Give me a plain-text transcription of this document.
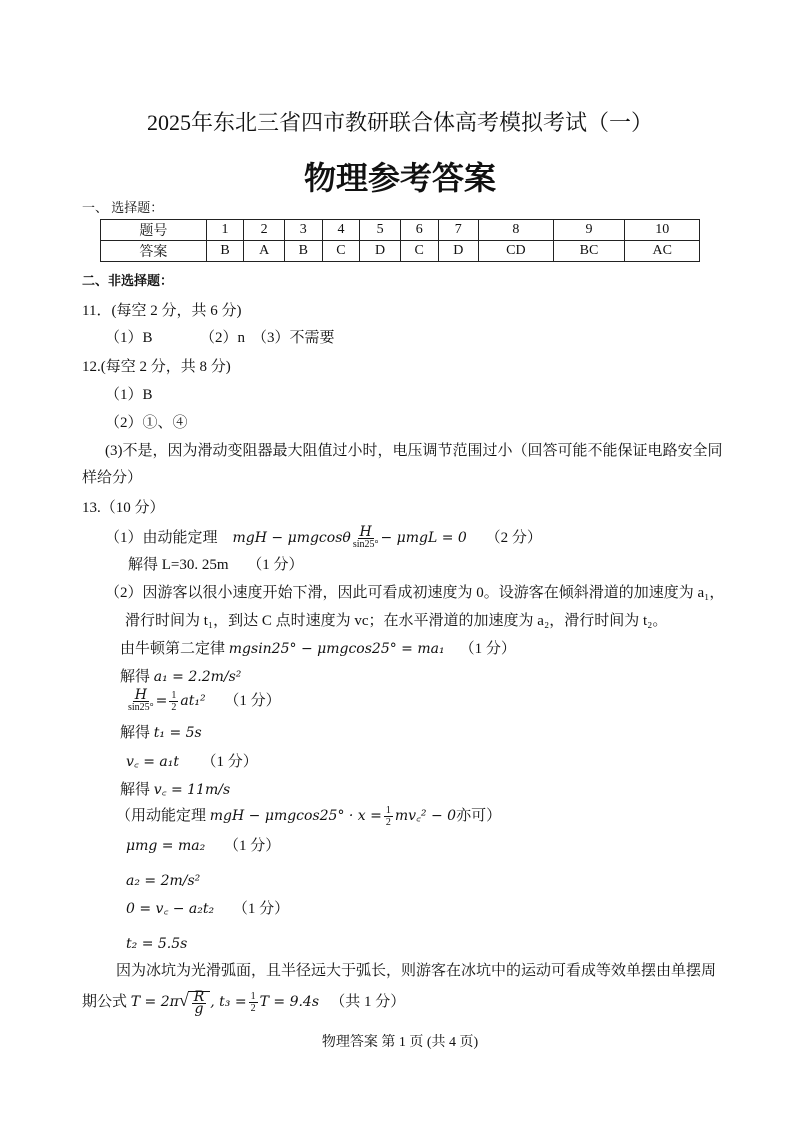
2025年东北三省四市教研联合体高考模拟考试（一）
物理参考答案
一、 选择题：
题号	1	2	3	4	5	6	7	8	9	10
答案	B	A	B	C	D	C	D	CD	BC	AC
二、非选择题：
11．(每空 2 分，共 6 分)
（1）B	（2）n （3）不需要
12.(每空 2 分，共 8 分)
（1）B
（2）①、④
(3)不是，因为滑动变阻器最大阻值过小时，电压调节范围过小（回答可能不能保证电路安全同
样给分）
13.（10 分）
（1）由动能定理 mgH − μmgcosθ $\frac{H}{\sin 25^\circ} - \mu mgL = 0$ （2 分）
解得 L=30. 25m （1 分）
（2）因游客以很小速度开始下滑，因此可看成初速度为 0。设游客在倾斜滑道的加速度为 a₁，
滑行时间为 t₁，到达 C 点时速度为 vc；在水平滑道的加速度为 a₂，滑行时间为 t₂。
由牛顿第二定律 mgsin25° − μmgcos25° = ma₁ （1 分）
解得 a₁ = 2.2m/s²
$\frac{H}{\sin 25^\circ} = \frac{1}{2} at_1^2$ （1 分）
解得 t₁ = 5s
v꜀ = a₁t （1 分）
解得 v꜀ = 11m/s
（用动能定理 mgH − $\mu mgcos25^\circ \cdot x = \frac{1}{2}$ mv꜀² − 0亦可）
μmg = ma₂ （1 分）
a₂ = 2m/s²
0 = v꜀ − a₂t₂ （1 分）
t₂ = 5.5s
因为冰坑为光滑弧面，且半径远大于弧长，则游客在冰坑中的运动可看成等效单摆由单摆周
期公式 $T = 2\pi√ \frac{R}{g}$ , $t_3 = \frac{1}{2}$ T = 9.4s （共 1 分）
物理答案 第 1 页 (共 4 页)
